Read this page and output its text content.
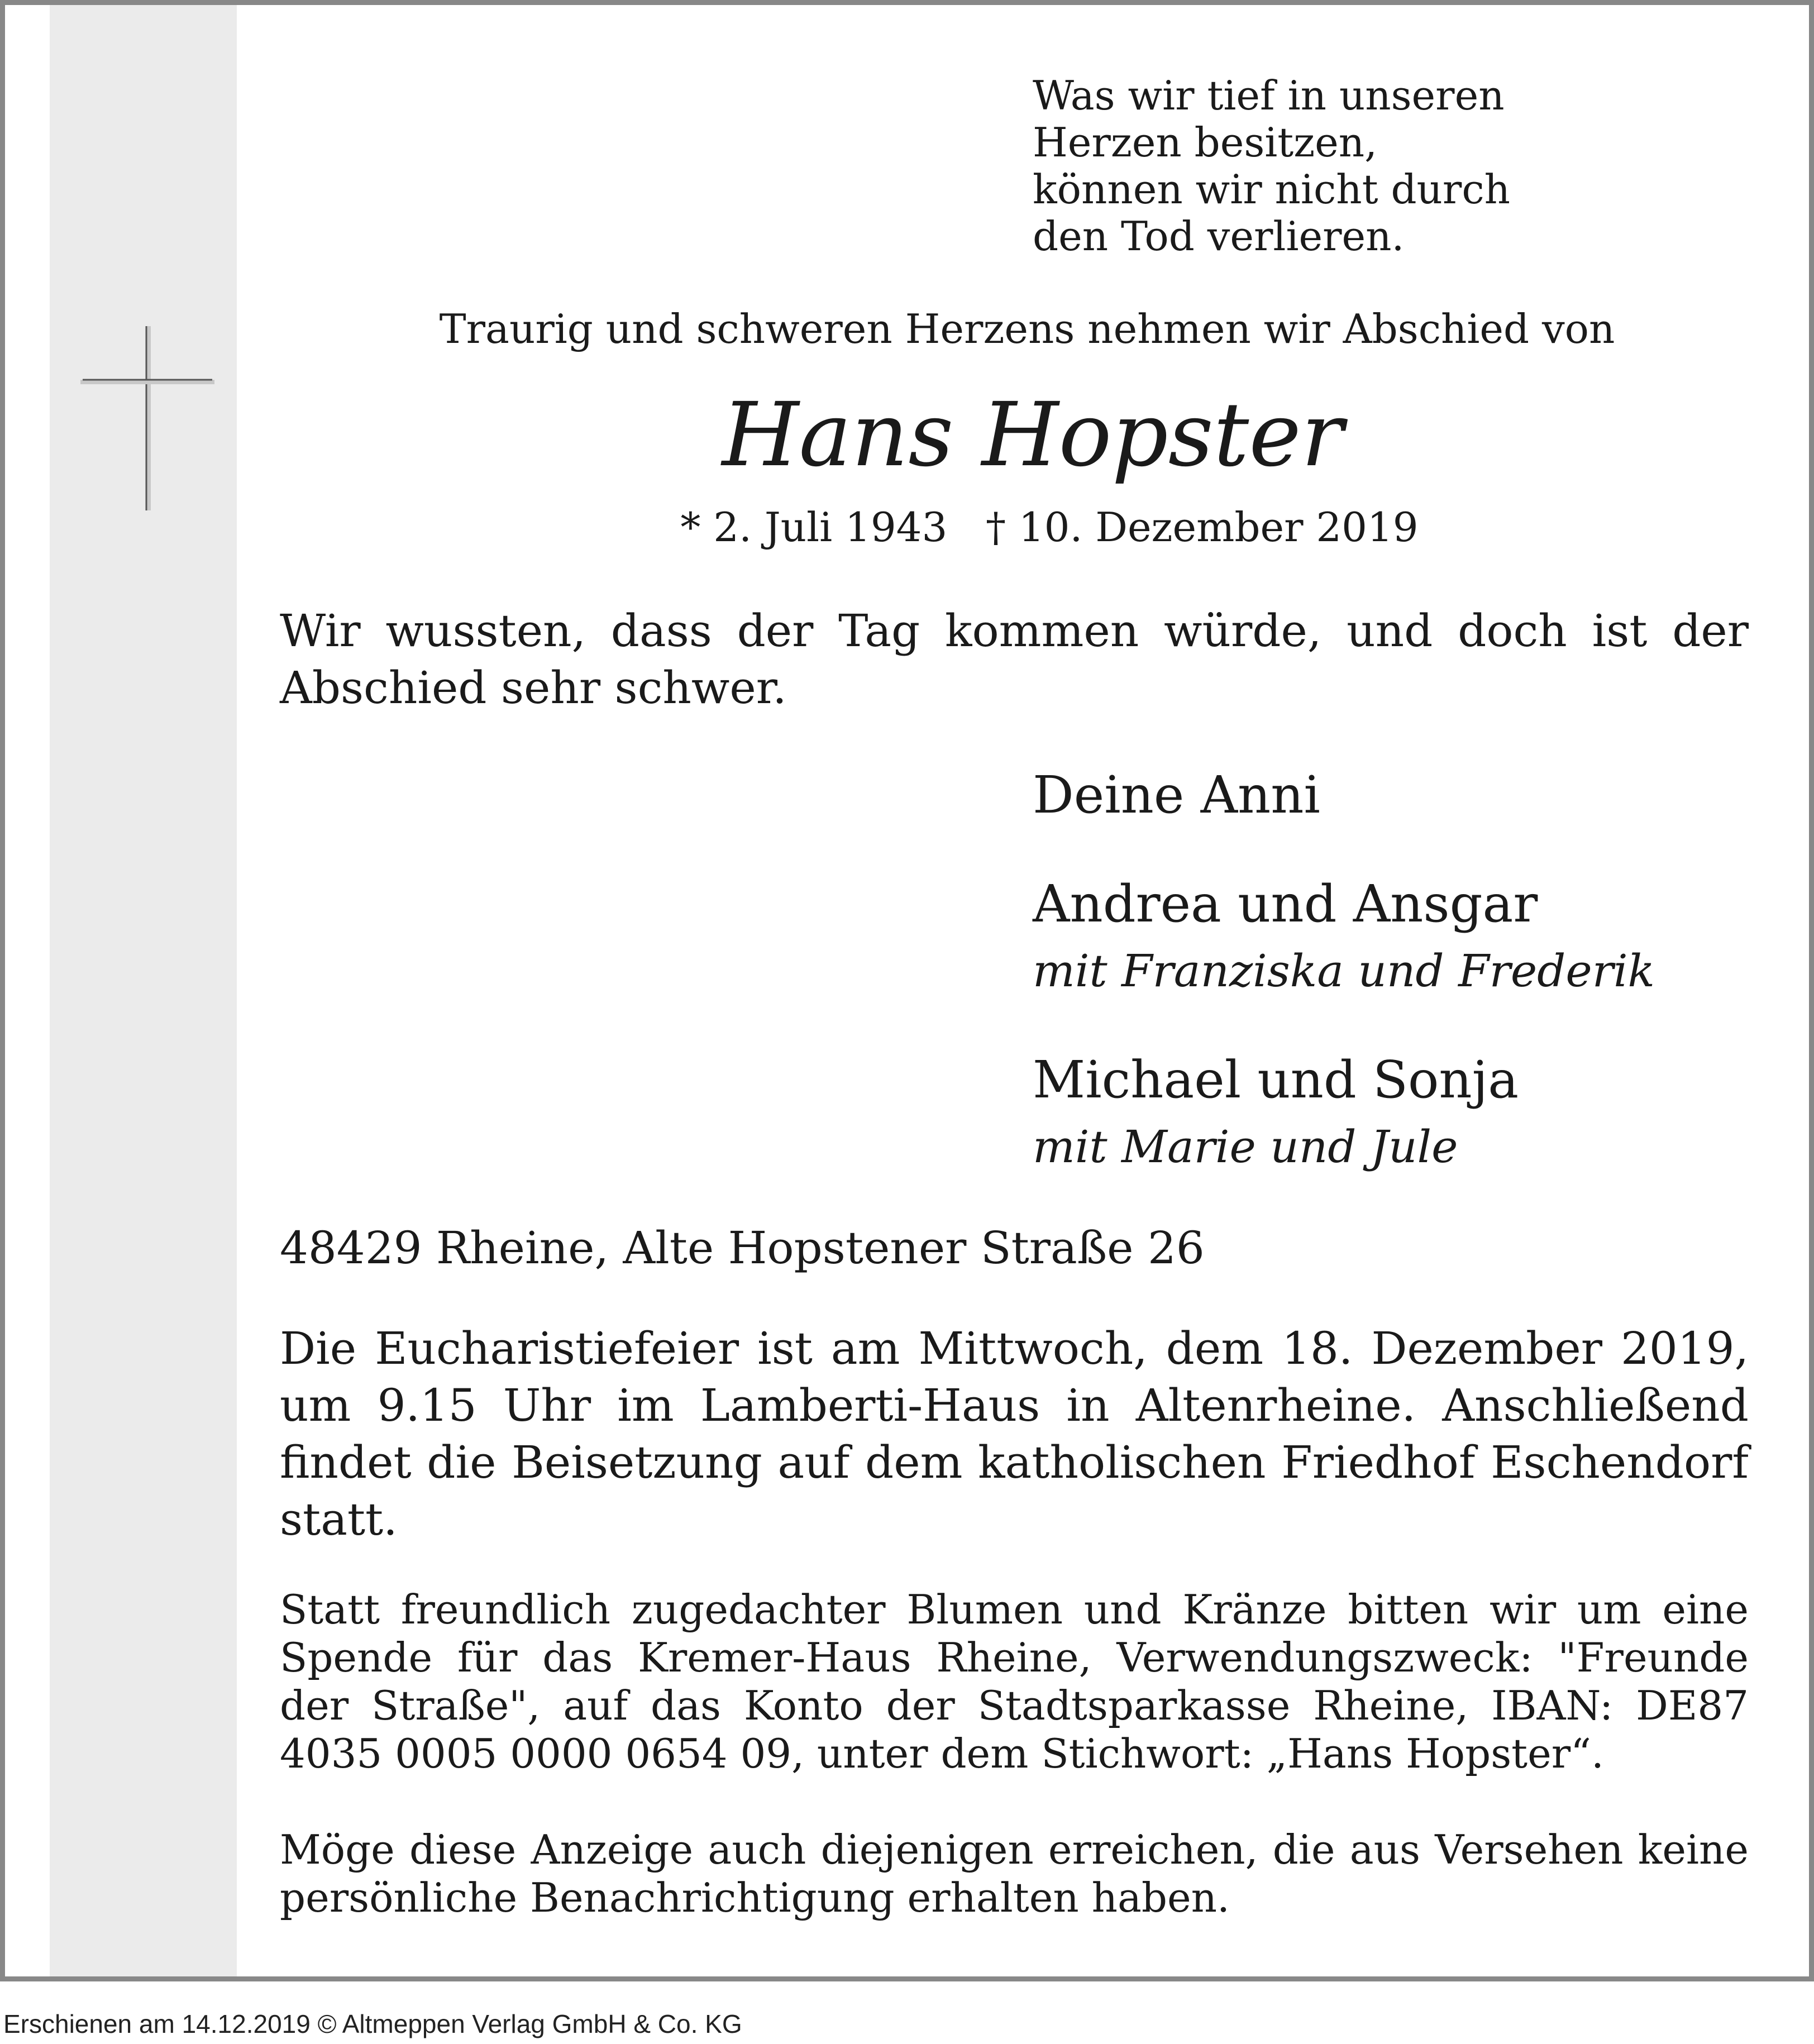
Was wir tief in unseren
Herzen besitzen,
können wir nicht durch
den Tod verlieren.

Traurig und schweren Herzens nehmen wir Abschied von

Hans Hopster

* 2. Juli 1943 † 10. Dezember 2019

Wir wussten, dass der Tag kommen würde, und doch ist der Abschied sehr schwer.

Deine Anni

Andrea und Ansgar

mit Franziska und Frederik

Michael und Sonja

mit Marie und Jule

48429 Rheine, Alte Hopstener Straße 26

Die Eucharistiefeier ist am Mittwoch, dem 18. Dezember 2019, um 9.15 Uhr im Lamberti-Haus in Altenrheine. Anschließend findet die Beisetzung auf dem katholischen Friedhof Eschendorf statt.

Statt freundlich zugedachter Blumen und Kränze bitten wir um eine Spende für das Kremer-Haus Rheine, Verwendungszweck: "Freunde der Straße", auf das Konto der Stadtsparkasse Rheine, IBAN: DE87 4035 0005 0000 0654 09, unter dem Stichwort: „Hans Hopster“.

Möge diese Anzeige auch diejenigen erreichen, die aus Versehen keine persönliche Benachrichtigung erhalten haben.

Erschienen am 14.12.2019 © Altmeppen Verlag GmbH & Co. KG
